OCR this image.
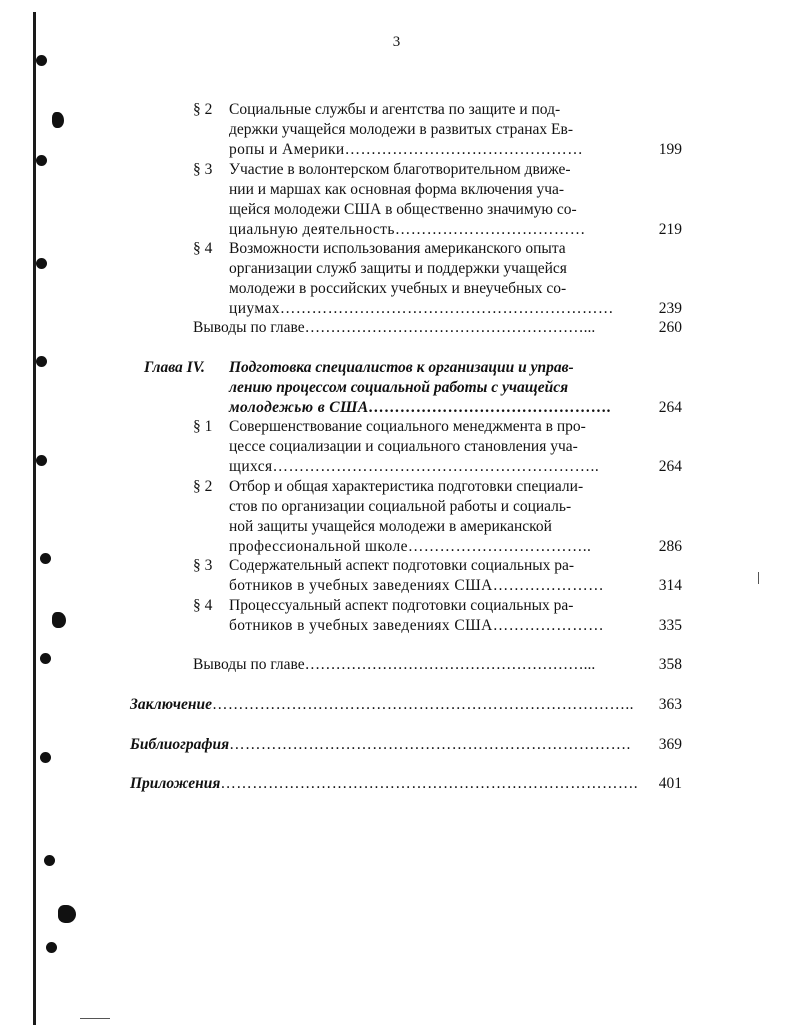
3
§ 2 Социальные службы и агентства по защите и под-
держки учащейся молодежи в развитых странах Ев-
ропы и Америки………………………………………	199
§ 3 Участие в волонтерском благотворительном движе-
нии и маршах как основная форма включения уча-
щейся молодежи США в общественно значимую со-
циальную деятельность………………………………	219
§ 4 Возможности использования американского опыта
организации служб защиты и поддержки учащейся
молодежи в российских учебных и внеучебных со-
циумах………………………………………………………	239
Выводы по главе………………………………………………...	260
Глава IV. Подготовка специалистов к организации и управ-
лению процессом социальной работы с учащейся
молодежью в США……………………………………….	264
§ 1 Совершенствование социального менеджмента в про-
цессе социализации и социального становления уча-
щихся……………………………………………………..	264
§ 2 Отбор и общая характеристика подготовки специали-
стов по организации социальной работы и социаль-
ной защиты учащейся молодежи в американской
профессиональной школе……………………………..	286
§ 3 Содержательный аспект подготовки социальных ра-
ботников в учебных заведениях США…………………	314
§ 4 Процессуальный аспект подготовки социальных ра-
ботников в учебных заведениях США…………………	335
Выводы по главе………………………………………………...	358
Заключение……………………………………………………………………..	363
Библиография………………………………………………………………….	369
Приложения…………………………………………………………………….	401
